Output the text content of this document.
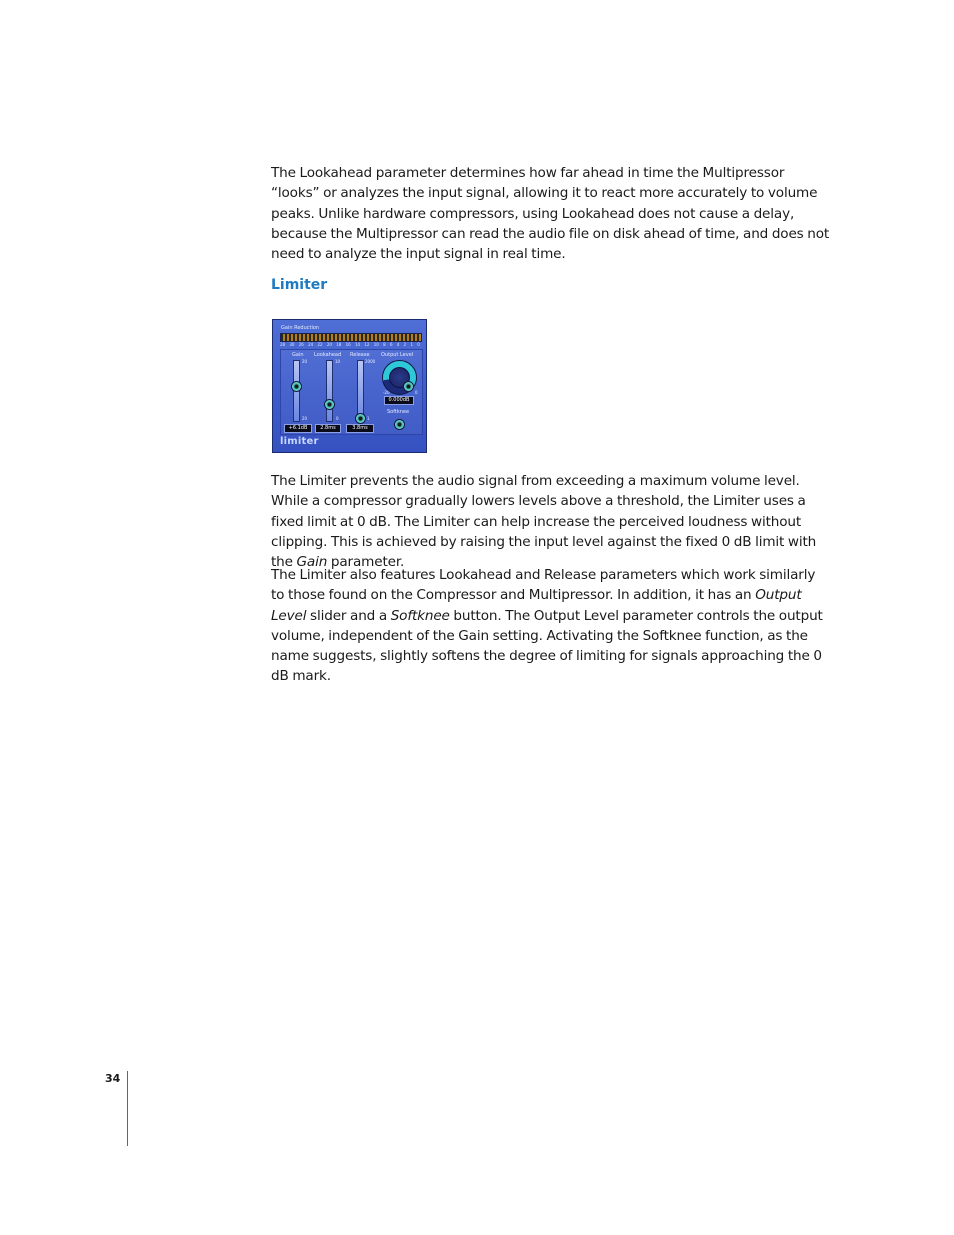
The Lookahead parameter determines how far ahead in time the Multipressor “looks” or analyzes the input signal, allowing it to react more accurately to volume peaks. Unlike hardware compressors, using Lookahead does not cause a delay, because the Multipressor can read the audio file on disk ahead of time, and does not need to analyze the input signal in real time.

Limiter
Gain Reduction
28 30 26 24 22 20 18 16 14 12 10 8 6 4 2 1 0
Gain
20
20
+6.1dB
Lookahead
10
0
2.8ms
Release
2000
1
3.8ms
Output Level
-20	0
0.000dB
Softknee
limiter

The Limiter prevents the audio signal from exceeding a maximum volume level. While a compressor gradually lowers levels above a threshold, the Limiter uses a fixed limit at 0 dB. The Limiter can help increase the perceived loudness without clipping. This is achieved by raising the input level against the fixed 0 dB limit with the Gain parameter.

The Limiter also features Lookahead and Release parameters which work similarly to those found on the Compressor and Multipressor. In addition, it has an Output Level slider and a Softknee button. The Output Level parameter controls the output volume, independent of the Gain setting. Activating the Softknee function, as the name suggests, slightly softens the degree of limiting for signals approaching the 0 dB mark.

34
